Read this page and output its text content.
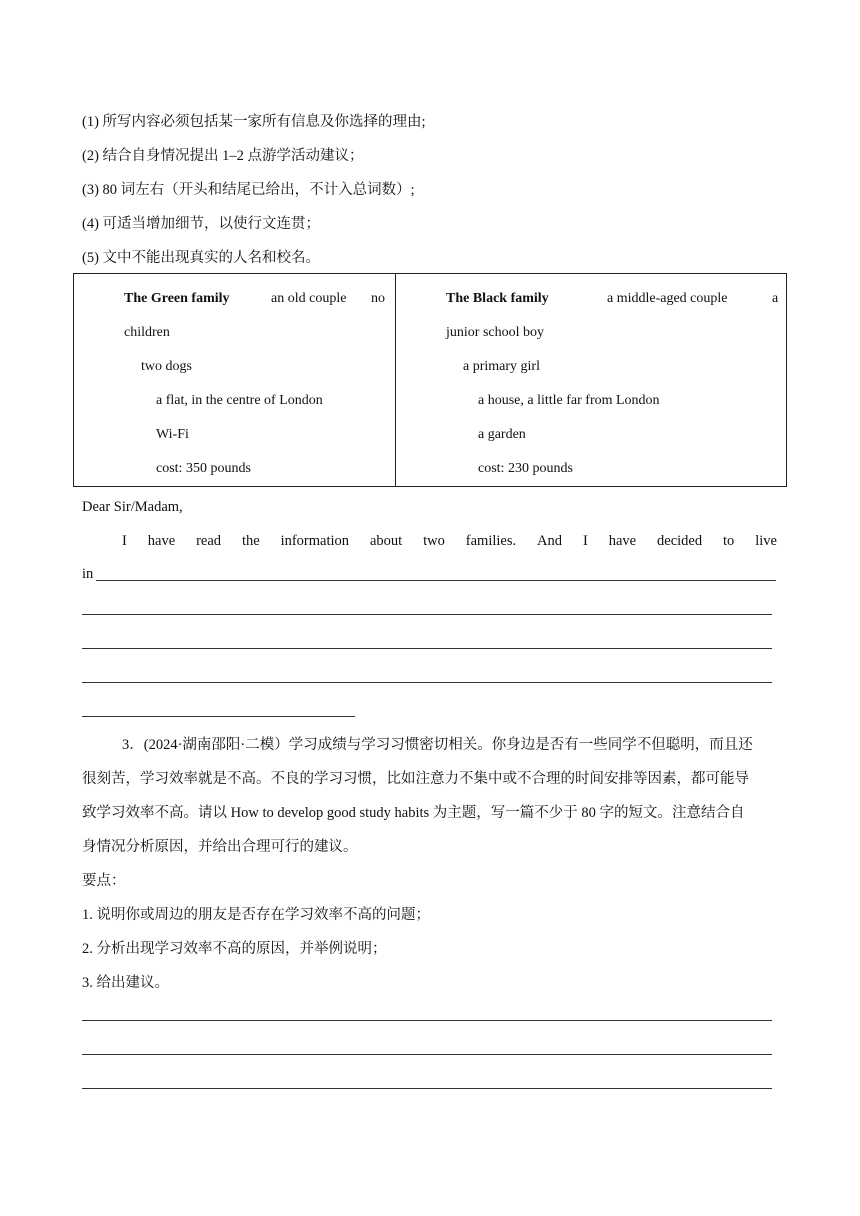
(1) 所写内容必须包括某一家所有信息及你选择的理由;
(2) 结合自身情况提出 1–2 点游学活动建议；
(3) 80 词左右（开头和结尾已给出，不计入总词数）;
(4) 可适当增加细节，以使行文连贯；
(5) 文中不能出现真实的人名和校名。
The Green family	an old couple no
children
two dogs
a flat, in the centre of London
Wi-Fi
cost: 350 pounds
The Black family	a middle-aged couple	a
junior school boy
a primary girl
a house, a little far from London
a garden
cost: 230 pounds
Dear Sir/Madam,
I have read the information about two families. And I have decided to live
in
3．(2024·湖南邵阳·二模）学习成绩与学习习惯密切相关。你身边是否有一些同学不但聪明，而且还
很刻苦，学习效率就是不高。不良的学习习惯，比如注意力不集中或不合理的时间安排等因素，都可能导
致学习效率不高。请以 How to develop good study habits 为主题，写一篇不少于 80 字的短文。注意结合自
身情况分析原因，并给出合理可行的建议。
要点：
1. 说明你或周边的朋友是否存在学习效率不高的问题；
2. 分析出现学习效率不高的原因，并举例说明；
3. 给出建议。
